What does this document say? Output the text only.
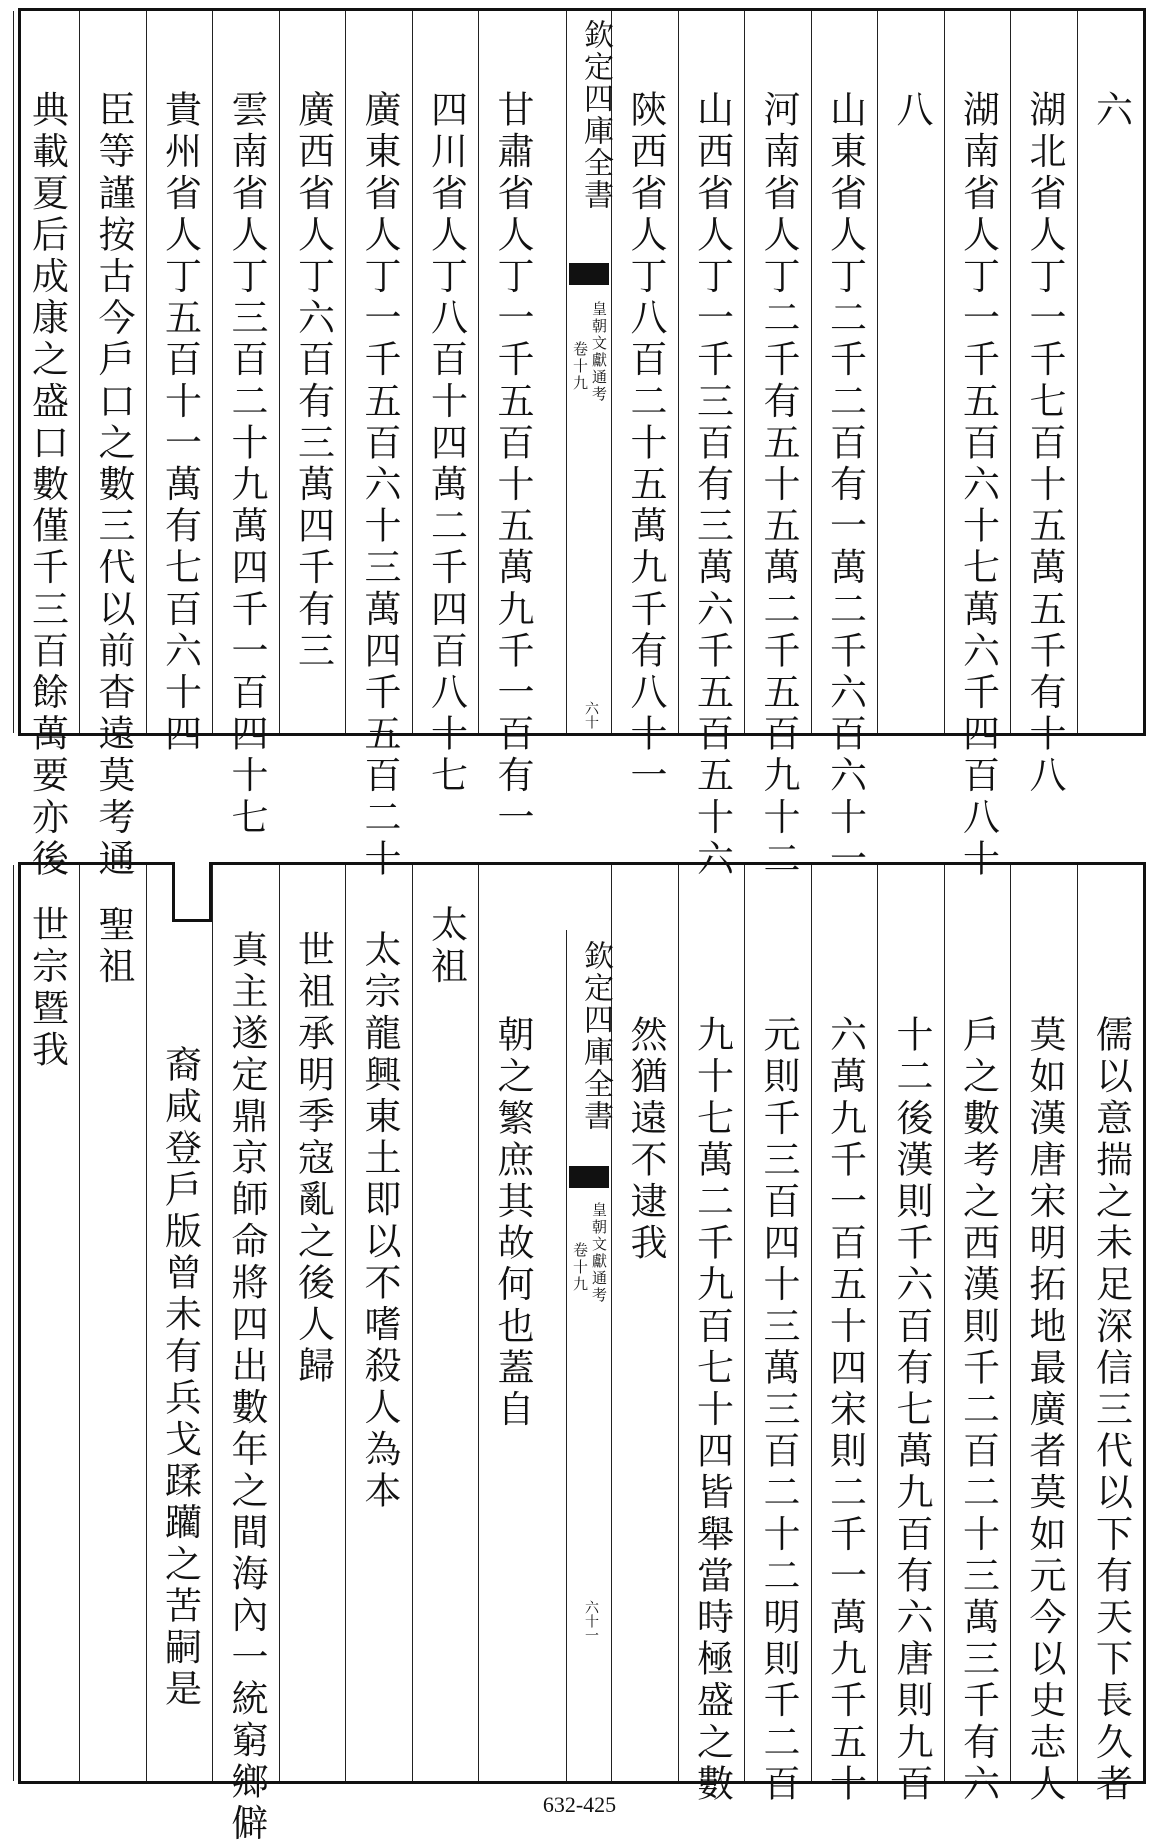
六
湖北省人丁一千七百十五萬五千有十八
湖南省人丁一千五百六十七萬六千四百八十
八
山東省人丁二千二百有一萬二千六百六十一
河南省人丁二千有五十五萬二千五百九十二
山西省人丁一千三百有三萬六千五百五十六
陝西省人丁八百二十五萬九千有八十一
甘肅省人丁一千五百十五萬九千一百有一
四川省人丁八百十四萬二千四百八十七
廣東省人丁一千五百六十三萬四千五百二十
廣西省人丁六百有三萬四千有三
雲南省人丁三百二十九萬四千一百四十七
貴州省人丁五百十一萬有七百六十四
臣等謹按古今戶口之數三代以前杳遠莫考通
典載夏后成康之盛口數僅千三百餘萬要亦後	欽定四庫全書
皇朝文獻通考
卷十九
六十
儒以意揣之未足深信三代以下有天下長久者
莫如漢唐宋明拓地最廣者莫如元今以史志人
戶之數考之西漢則千二百二十三萬三千有六
十二後漢則千六百有七萬九百有六唐則九百
六萬九千一百五十四宋則二千一萬九千五十
元則千三百四十三萬三百二十二明則千二百
九十七萬二千九百七十四皆舉當時極盛之數
然猶遠不逮我
朝之繁庶其故何也蓋自
太祖
太宗龍興東土即以不嗜殺人為本
世祖承明季寇亂之後人歸
真主遂定鼎京師命將四出數年之間海內一統窮鄉僻
裔咸登戶版曾未有兵戈蹂躪之苦嗣是
聖祖
世宗暨我	欽定四庫全書
皇朝文獻通考
卷十九
六十一
632-425
